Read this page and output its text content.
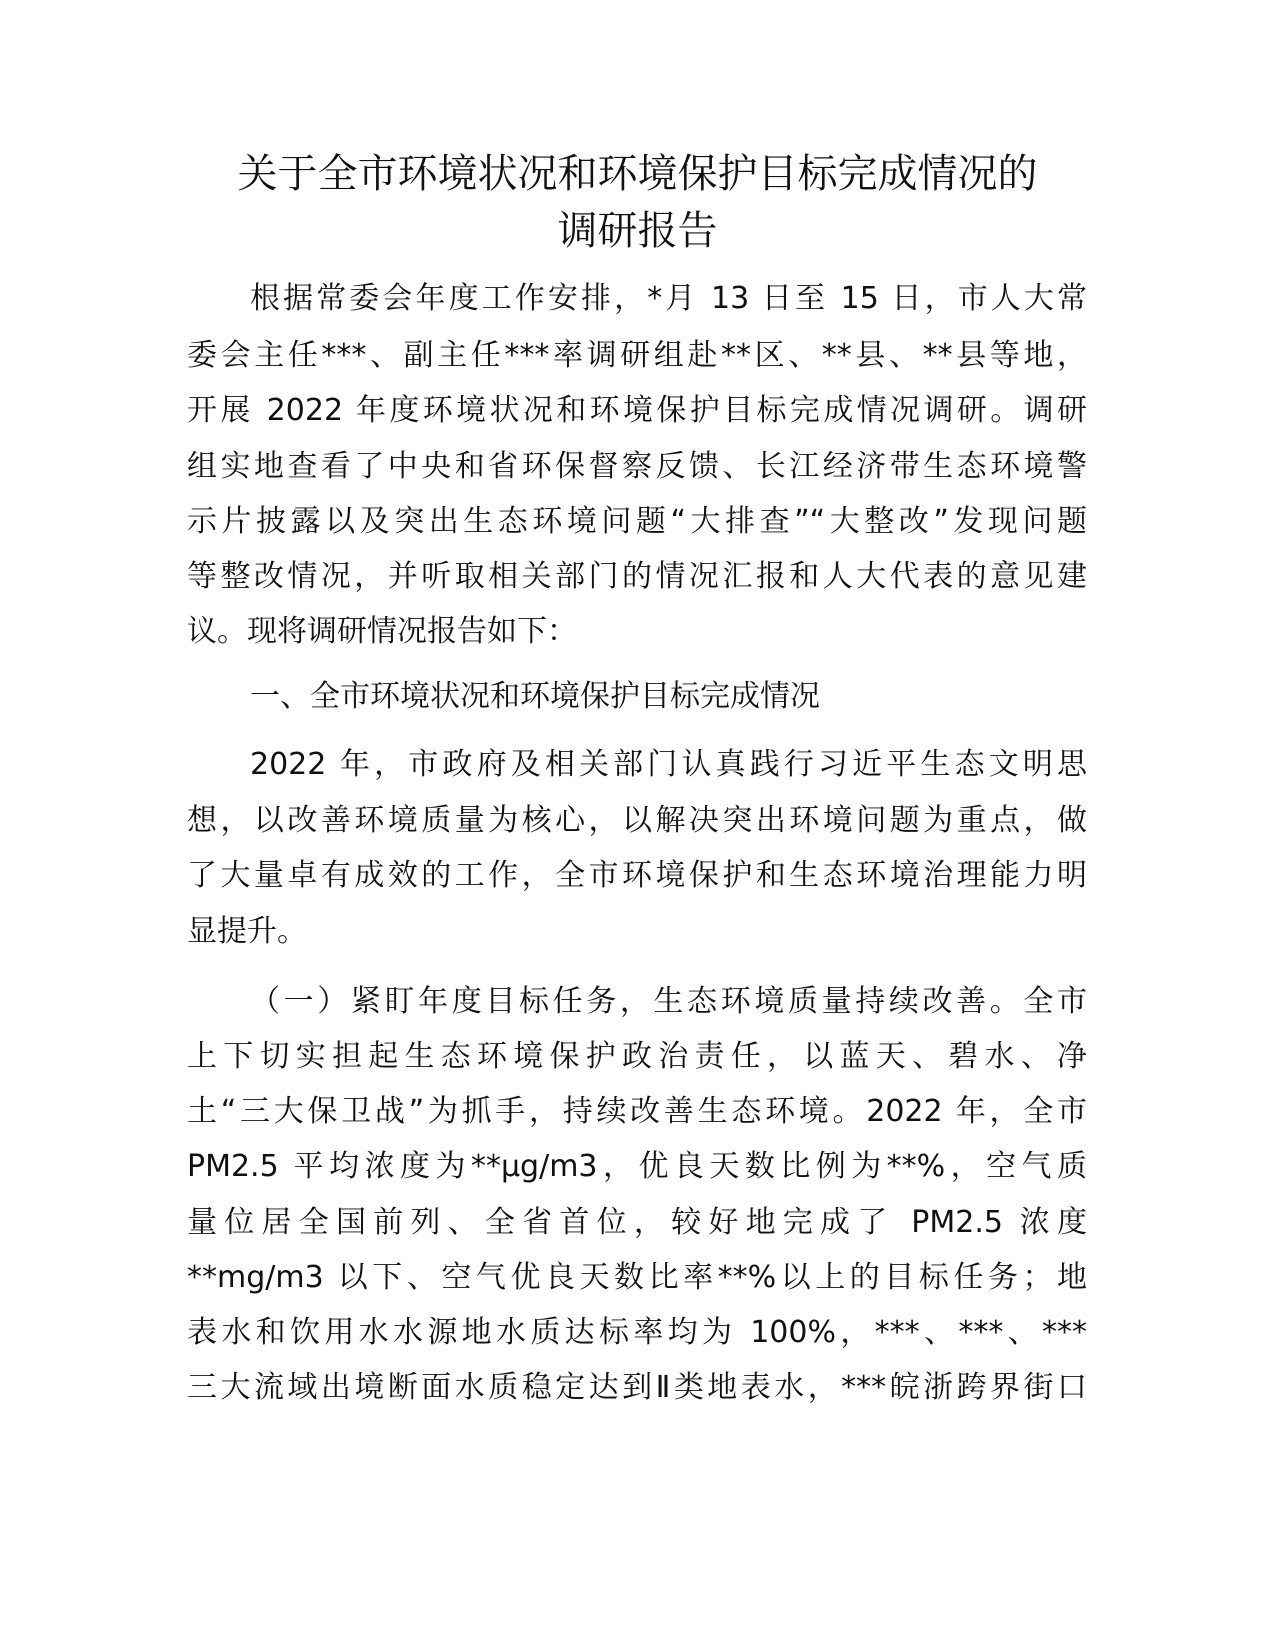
关于全市环境状况和环境保护目标完成情况的
调研报告

根据常委会年度工作安排，*月 13 日至 15 日，市人大常

委会主任***、副主任***率调研组赴**区、**县、**县等地，

开展 2022 年度环境状况和环境保护目标完成情况调研。调研

组实地查看了中央和省环保督察反馈、长江经济带生态环境警

示片披露以及突出生态环境问题“大排查”“大整改”发现问题

等整改情况，并听取相关部门的情况汇报和人大代表的意见建

议。现将调研情况报告如下：

一、全市环境状况和环境保护目标完成情况

2022 年，市政府及相关部门认真践行习近平生态文明思

想，以改善环境质量为核心，以解决突出环境问题为重点，做

了大量卓有成效的工作，全市环境保护和生态环境治理能力明

显提升。

（一）紧盯年度目标任务，生态环境质量持续改善。全市

上下切实担起生态环境保护政治责任，以蓝天、碧水、净

土“三大保卫战”为抓手，持续改善生态环境。2022 年，全市

PM2.5 平均浓度为**μg/m3，优良天数比例为**%，空气质

量位居全国前列、全省首位，较好地完成了 PM2.5 浓度

**mg/m3 以下、空气优良天数比率**%以上的目标任务；地

表水和饮用水水源地水质达标率均为 100%，***、***、***

三大流域出境断面水质稳定达到Ⅱ类地表水，***皖浙跨界街口
